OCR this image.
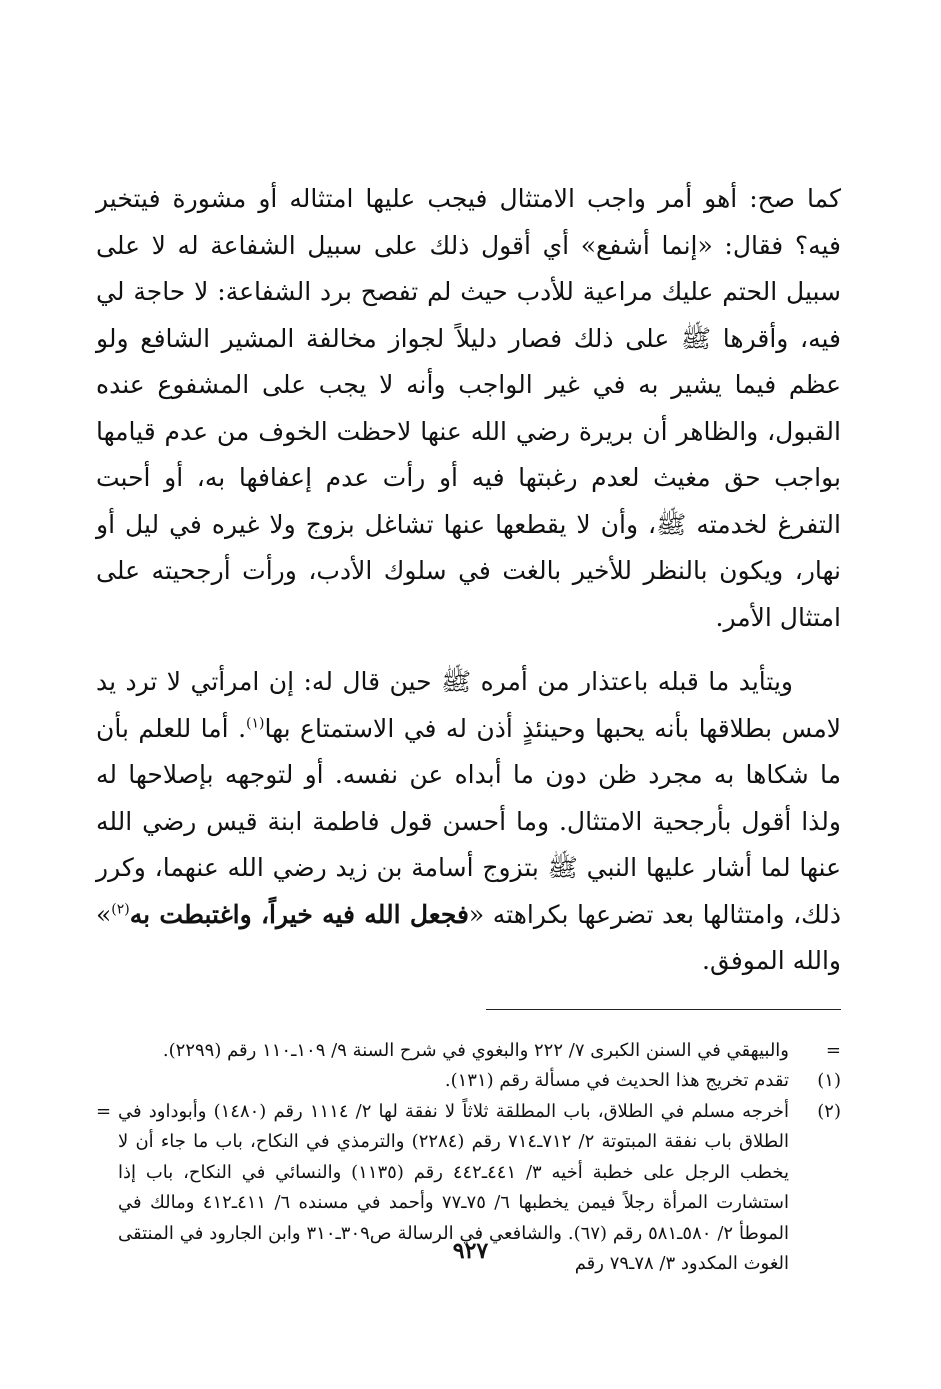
كما صح: أهو أمر واجب الامتثال فيجب عليها امتثاله أو مشورة فيتخير فيه؟ فقال: «إنما أشفع» أي أقول ذلك على سبيل الشفاعة له لا على سبيل الحتم عليك مراعية للأدب حيث لم تفصح برد الشفاعة: لا حاجة لي فيه، وأقرها ﷺ على ذلك فصار دليلاً لجواز مخالفة المشير الشافع ولو عظم فيما يشير به في غير الواجب وأنه لا يجب على المشفوع عنده القبول، والظاهر أن بريرة رضي الله عنها لاحظت الخوف من عدم قيامها بواجب حق مغيث لعدم رغبتها فيه أو رأت عدم إعفافها به، أو أحبت التفرغ لخدمته ﷺ، وأن لا يقطعها عنها تشاغل بزوج ولا غيره في ليل أو نهار، ويكون بالنظر للأخير بالغت في سلوك الأدب، ورأت أرجحيته على امتثال الأمر.

ويتأيد ما قبله باعتذار من أمره ﷺ حين قال له: إن امرأتي لا ترد يد لامس بطلاقها بأنه يحبها وحينئذٍ أذن له في الاستمتاع بها$^{(١)}$. أما للعلم بأن ما شكاها به مجرد ظن دون ما أبداه عن نفسه. أو لتوجهه بإصلاحها له ولذا أقول بأرجحية الامتثال. وما أحسن قول فاطمة ابنة قيس رضي الله عنها لما أشار عليها النبي ﷺ بتزوج أسامة بن زيد رضي الله عنهما، وكرر ذلك، وامتثالها بعد تضرعها بكراهته «فجعل الله فيه خيراً، واغتبطت به$^{(٢)}$» والله الموفق.

=
والبيهقي في السنن الكبرى ٧/ ٢٢٢ والبغوي في شرح السنة ٩/ ١٠٩ـ١١٠ رقم (٢٢٩٩).
(١)
تقدم تخريج هذا الحديث في مسألة رقم (١٣١).
(٢)
أخرجه مسلم في الطلاق، باب المطلقة ثلاثاً لا نفقة لها ٢/ ١١١٤ رقم (١٤٨٠) وأبوداود في الطلاق باب نفقة المبتوتة ٢/ ٧١٢ـ٧١٤ رقم (٢٢٨٤) والترمذي في النكاح، باب ما جاء أن لا يخطب الرجل على خطبة أخيه ٣/ ٤٤١ـ٤٤٢ رقم (١١٣٥) والنسائي في النكاح، باب إذا استشارت المرأة رجلاً فيمن يخطبها ٦/ ٧٥ـ٧٧ وأحمد في مسنده ٦/ ٤١١ـ٤١٢ ومالك في الموطأ ٢/ ٥٨٠ـ٥٨١ رقم (٦٧). والشافعي في الرسالة ص٣٠٩ـ٣١٠ وابن الجارود في المنتقى الغوث المكدود ٣/ ٧٨ـ٧٩ رقم
=
٩٢٧
